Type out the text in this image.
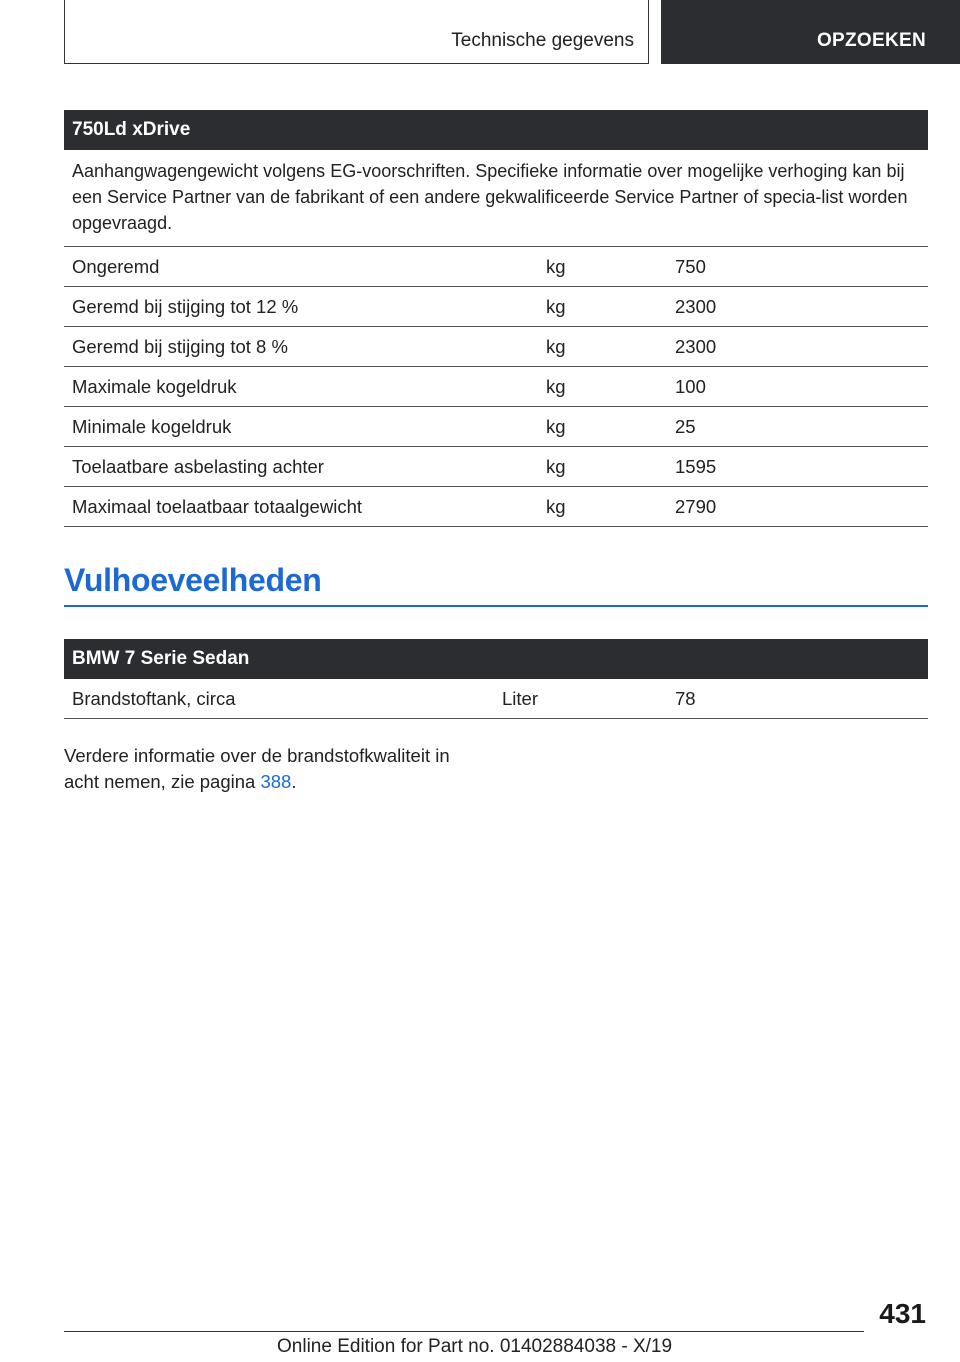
Technische gegevens	OPZOEKEN
750Ld xDrive
Aanhangwagengewicht volgens EG-voorschriften. Specifieke informatie over mogelijke verhoging kan bij een Service Partner van de fabrikant of een andere gekwalificeerde Service Partner of specia-list worden opgevraagd.
Ongeremd	kg	750
Geremd bij stijging tot 12 %	kg	2300
Geremd bij stijging tot 8 %	kg	2300
Maximale kogeldruk	kg	100
Minimale kogeldruk	kg	25
Toelaatbare asbelasting achter	kg	1595
Maximaal toelaatbaar totaalgewicht	kg	2790
Vulhoeveelheden
BMW 7 Serie Sedan
Brandstoftank, circa	Liter	78
Verdere informatie over de brandstofkwaliteit in acht nemen, zie pagina 388.
431
Online Edition for Part no. 01402884038 - X/19
